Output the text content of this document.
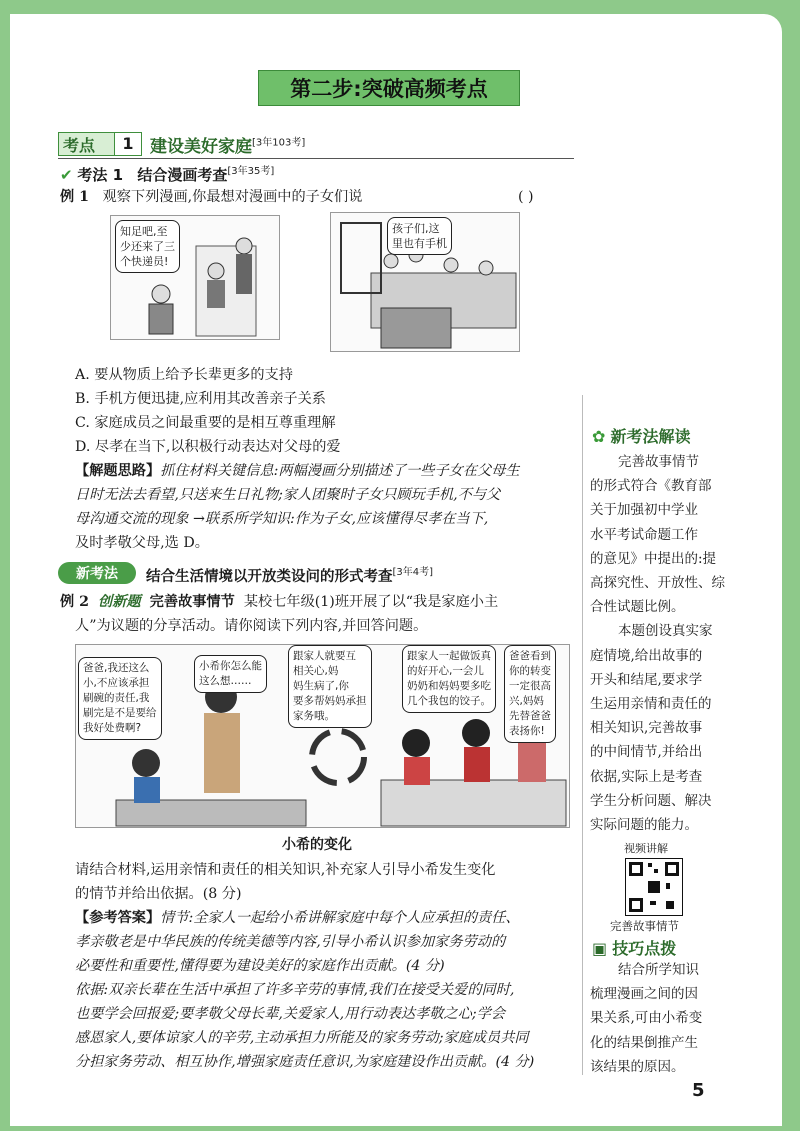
第二步:突破高频考点
考点	1 建设美好家庭[3年103考]
✔ 考法 1 结合漫画考查[3年35考]
例 1 观察下列漫画,你最想对漫画中的子女们说	( )
知足吧,至
少还来了三
个快递员!
孩子们,这
里也有手机
A. 要从物质上给予长辈更多的支持
B. 手机方便迅捷,应利用其改善亲子关系
C. 家庭成员之间最重要的是相互尊重理解
D. 尽孝在当下,以积极行动表达对父母的爱
【解题思路】抓住材料关键信息:两幅漫画分别描述了一些子女在父母生
日时无法去看望,只送来生日礼物;家人团聚时子女只顾玩手机,不与父
母沟通交流的现象 →联系所学知识:作为子女,应该懂得尽孝在当下,
及时孝敬父母,选 D。
新考法	结合生活情境以开放类设问的形式考查[3年4考]
例 2 创新题 完善故事情节 某校七年级(1)班开展了以“我是家庭小主
人”为议题的分享活动。请你阅读下列内容,并回答问题。
爸爸,我还这么
小,不应该承担
刷碗的责任,我
刷完是不是要给
我好处费啊?
小希你怎么能
这么想……
跟家人就要互
相关心,妈
妈生病了,你
要多帮妈妈承担
家务哦。
跟家人一起做饭真
的好开心,一会儿
奶奶和妈妈要多吃
几个我包的饺子。
爸爸看到
你的转变
一定很高
兴,妈妈
先替爸爸
表扬你!
小希的变化
请结合材料,运用亲情和责任的相关知识,补充家人引导小希发生变化
的情节并给出依据。(8 分)
【参考答案】情节:全家人一起给小希讲解家庭中每个人应承担的责任、
孝亲敬老是中华民族的传统美德等内容,引导小希认识参加家务劳动的
必要性和重要性,懂得要为建设美好的家庭作出贡献。(4 分)
依据:双亲长辈在生活中承担了许多辛劳的事情,我们在接受关爱的同时,
也要学会回报爱;要孝敬父母长辈,关爱家人,用行动表达孝敬之心;学会
感恩家人,要体谅家人的辛劳,主动承担力所能及的家务劳动;家庭成员共同
分担家务劳动、相互协作,增强家庭责任意识,为家庭建设作出贡献。(4 分)
✿ 新考法解读
完善故事情节
的形式符合《教育部
关于加强初中学业
水平考试命题工作
的意见》中提出的:提
高探究性、开放性、综
合性试题比例。
本题创设真实家
庭情境,给出故事的
开头和结尾,要求学
生运用亲情和责任的
相关知识,完善故事
的中间情节,并给出
依据,实际上是考查
学生分析问题、解决
实际问题的能力。
视频讲解
完善故事情节
▣ 技巧点拨
结合所学知识
梳理漫画之间的因
果关系,可由小希变
化的结果倒推产生
该结果的原因。
5
